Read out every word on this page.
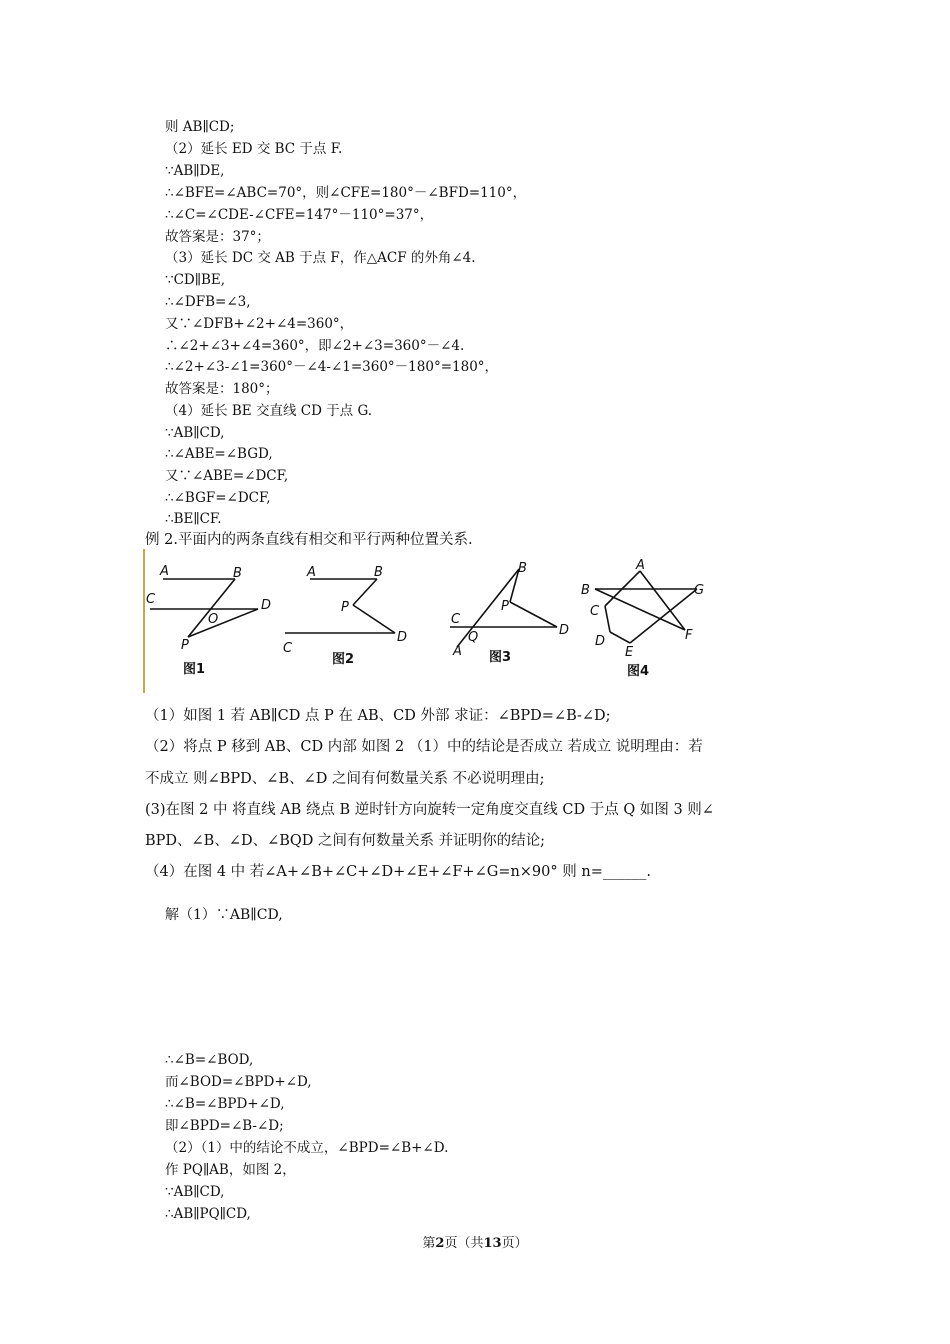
则 AB∥CD;
（2）延长 ED 交 BC 于点 F.
∵AB∥DE,
∴∠BFE=∠ABC=70°，则∠CFE=180°－∠BFD=110°，
∴∠C=∠CDE-∠CFE=147°－110°=37°，
故答案是：37°；
（3）延长 DC 交 AB 于点 F，作△ACF 的外角∠4.
∵CD∥BE,
∴∠DFB=∠3,
又∵∠DFB+∠2+∠4=360°，
∴∠2+∠3+∠4=360°，即∠2+∠3=360°－∠4.
∴∠2+∠3-∠1=360°－∠4-∠1=360°－180°=180°，
故答案是：180°；
（4）延长 BE 交直线 CD 于点 G.
∵AB∥CD,
∴∠ABE=∠BGD,
又∵∠ABE=∠DCF,
∴∠BGF=∠DCF,
∴BE∥CF.
例 2.平面内的两条直线有相交和平行两种位置关系.
A	B
C	D
O
P
图1
A	B
P
C
D
图2
B
P
C
Q	D
A 图3
A
B	G
C
F
D
E
图4
（1）如图 1 若 AB∥CD 点 P 在 AB、CD 外部 求证：∠BPD=∠B-∠D;
（2）将点 P 移到 AB、CD 内部 如图 2 （1）中的结论是否成立 若成立 说明理由：若
不成立 则∠BPD、∠B、∠D 之间有何数量关系 不必说明理由;
(3)在图 2 中 将直线 AB 绕点 B 逆时针方向旋转一定角度交直线 CD 于点 Q 如图 3 则∠
BPD、∠B、∠D、∠BQD 之间有何数量关系 并证明你的结论;
（4）在图 4 中 若∠A+∠B+∠C+∠D+∠E+∠F+∠G=n×90° 则 n=______.
解（1）∵AB∥CD,
∴∠B=∠BOD,
而∠BOD=∠BPD+∠D,
∴∠B=∠BPD+∠D,
即∠BPD=∠B-∠D;
（2）（1）中的结论不成立，∠BPD=∠B+∠D.
作 PQ∥AB，如图 2，
∵AB∥CD,
∴AB∥PQ∥CD,
第2页（共13页）
